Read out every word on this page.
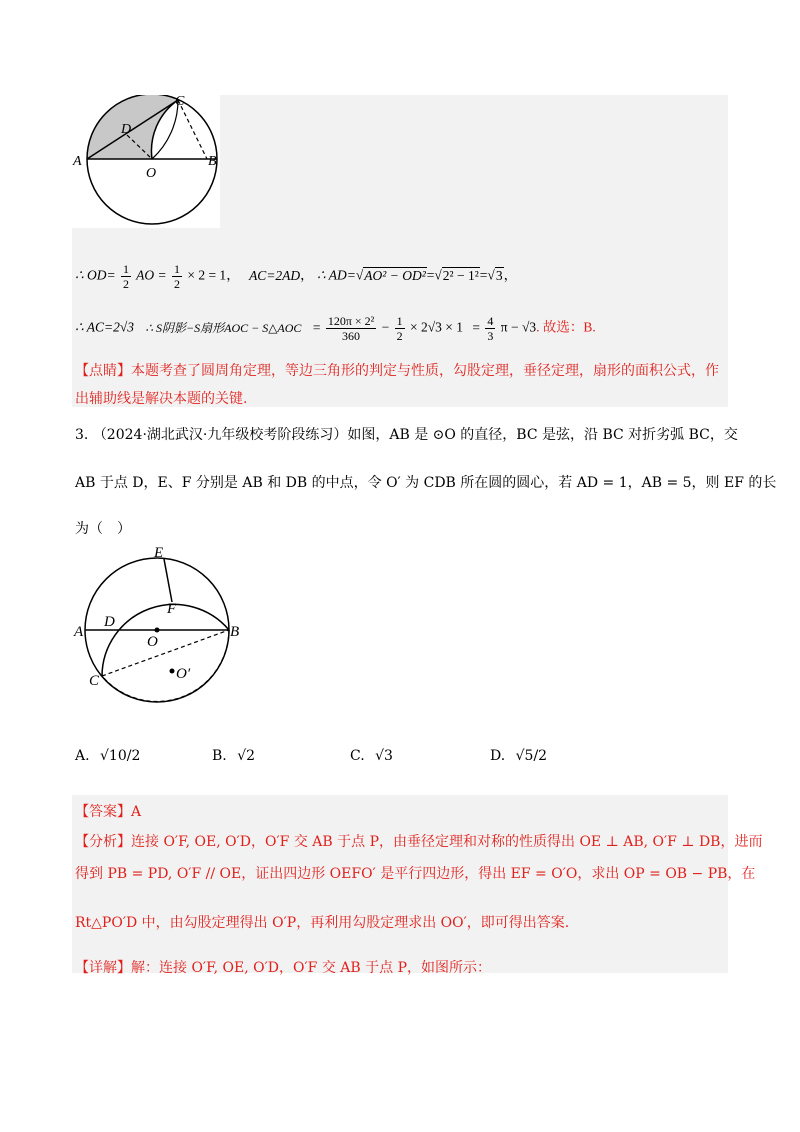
A	B
C
D
O
∴ $OD= \frac{1}{2}$ AO = $\frac{1}{2} \times 2 = 1$， AC=2AD， ∴ AD=√AO² − OD²=√2² − 1²=√3，
∴ AC=2√3 ∴ S阴影−S扇形AOC − S△AOC = $\frac{\text{120π × 2²}}{360} - \frac{1}{2} \times 2√3 \times 1 = \frac{4}{3}$ π − √3. 故选：B.
【点睛】本题考查了圆周角定理，等边三角形的判定与性质，勾股定理，垂径定理，扇形的面积公式，作
出辅助线是解决本题的关键.
3. （2024·湖北武汉·九年级校考阶段练习）如图，AB 是 ⊙O 的直径，BC 是弦，沿 BC 对折劣弧 BC，交
AB 于点 D，E、F 分别是 AB 和 DB 的中点，令 O′ 为 CDB 所在圆的圆心，若 AD = 1，AB = 5，则 EF 的长
为（　）
A	B
C
D
E
F
O
O′
A. √10/2	B. √2	C. √3	D. √5/2
【答案】A
【分析】连接 O′F, OE, O′D，O′F 交 AB 于点 P，由垂径定理和对称的性质得出 OE ⊥ AB, O′F ⊥ DB，进而
得到 PB = PD, O′F // OE，证出四边形 OEFO′ 是平行四边形，得出 EF = O′O，求出 OP = OB − PB，在
Rt△PO′D 中，由勾股定理得出 O′P，再利用勾股定理求出 OO′，即可得出答案.
【详解】解：连接 O′F, OE, O′D，O′F 交 AB 于点 P，如图所示：
